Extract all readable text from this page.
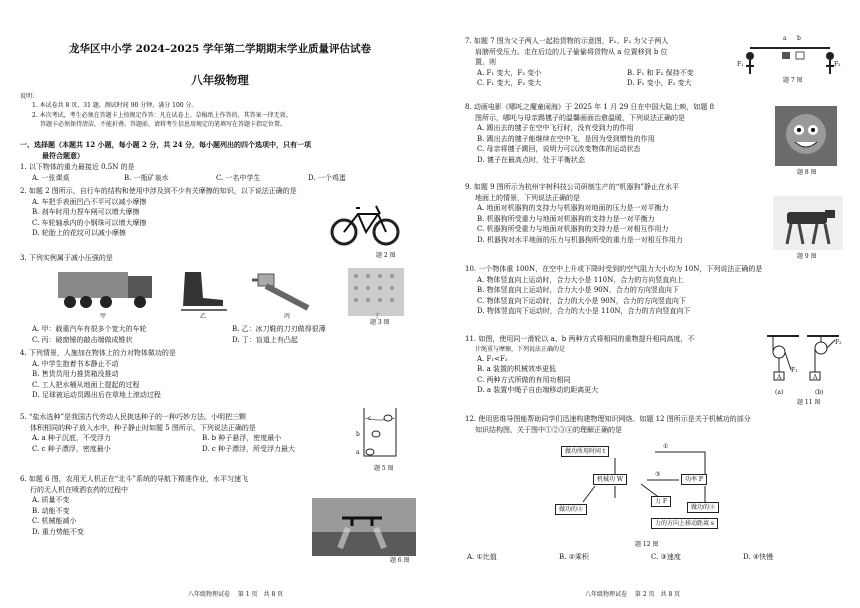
龙华区中小学 2024–2025 学年第二学期期末学业质量评估试卷
八年级物理

说明：

1. 本试卷共 8 页，31 题，测试时间 90 分钟，满分 100 分。

2. 本次考试，考生必须在答题卡上按规定作答：凡在试卷上、草稿纸上作答的，其答案一律无效。

答题卡必须保持清洁，不能折叠。答题前，请将考生信息用规定的笔填写在答题卡指定位置。

一、选择题（本题共 12 小题，每小题 2 分，共 24 分，每小题列出的四个选项中，只有一项

最符合题意）

1. 以下物体的重力最接近 0.5N 的是

A. 一张课桌	B. 一瓶矿泉水	C. 一名中学生	D. 一个鸡蛋

2. 如题 2 图所示，自行车的结构和使用中涉及到不少有关摩擦的知识，以下说法正确的是

A. 车把手表面凹凸不平可以减小摩擦

B. 刹车时用力捏车闸可以增大摩擦

C. 车轮轴承内的小钢珠可以增大摩擦

D. 轮胎上的花纹可以减小摩擦

题 2 图

3. 下列实例属于减小压强的是

甲	乙	丙	丁
题 3 图
A. 甲：载重汽车有很多个宽大的车轮	B. 乙：冰刀鞋的刀刃做得很薄
C. 丙：破窗锤的敲击端做成锥状	D. 丁：盲道上有凸起

4. 下列情景，人施加在物体上的力对物体做功的是

A. 中学生抱着书本静止不动

B. 售货员用力推货箱没推动

C. 工人把水桶从地面上提起的过程

D. 足球被运动员踢出后在草地上滚动过程

5. “盐水选种”是我国古代劳动人民挑选种子的一种巧妙方法。小明把三颗

体积相同的种子放入水中，种子静止时如题 5 图所示，下列说法正确的是

A. a 种子沉底，不受浮力	B. b 种子悬浮，密度最小
C. c 种子漂浮，密度最小	D. c 种子漂浮，所受浮力最大
c
b
a
题 5 图

6. 如题 6 图，农用无人机正在“北斗”系统的导航下精准作业，水平匀速飞

行的无人机在喷洒农药的过程中

A. 质量不变

B. 动能不变

C. 机械能减小

D. 重力势能不变

题 6 图
八年级物理试卷　 第 1 页　共 8 页

7. 如题 7 图为父子两人一起抬货物的示意图，F₁、F₂ 为父子两人

肩膀所受压力。走在后边的儿子偷偷将货物从 a 位置移到 b 位

置，则

A. F₁ 变大，F₂ 变小	B. F₁ 和 F₂ 保持不变
C. F₁ 变大，F₂ 变大	D. F₁ 变小，F₂ 变大
a b
F₁	F₂
题 7 图

8. 动画电影《哪吒之魔童闹海》于 2025 年 1 月 29 日在中国大陆上映，如题 8

图所示，哪吒与母亲踢毽子的温馨画面治愈温暖，下列说法正确的是

A. 踢出去的毽子在空中飞行时，没有受到力的作用

B. 踢出去的毽子能继续在空中飞，是因为受到惯性的作用

C. 母亲将毽子踢回，说明力可以改变物体的运动状态

D. 毽子在最高点时，处于平衡状态

题 8 图

9. 如题 9 图所示为杭州宇树科技公司研制生产的“机器狗”静止在水平

地面上的情景，下列说法正确的是

A. 地面对机器狗的支持力与机器狗对地面的压力是一对平衡力

B. 机器狗所受重力与地面对机器狗的支持力是一对平衡力

C. 机器狗所受重力与地面对机器狗的支持力是一对相互作用力

D. 机器狗对水平地面的压力与机器狗所受的重力是一对相互作用力

题 9 图

10. 一个物体重 100N，在空中上升或下降时受到的空气阻力大小均为 10N，下列说法正确的是

A. 物体竖直向上运动时，合力大小是 110N，合力的方向竖直向上

B. 物体竖直向上运动时，合力大小是 90N，合力的方向竖直向下

C. 物体竖直向下运动时，合力的大小是 90N，合力的方向竖直向下

D. 物体竖直向下运动时，合力的大小是 110N，合力的方向竖直向下

11. 如图，使用同一滑轮以 a、b 两种方式将相同的重物提升相同高度，不

计绳重与摩擦，下列说法正确的是

A. F₁<F₂

B. a 装置的机械效率更低

C. 两种方式所做的有用功相同

D. a 装置中绳子自由端移动的距离更大

F₁
F₂
A	A
(a)	(b)
题 11 图

12. 使用思维导图能帮助同学们迅速构建物理知识网络。如题 12 图所示是关于机械功的部分

知识结构图，关于图中①②③④的理解正确的是

做功所用时间 t
①
机械功 W
③
功率 P
做功的②
力 F
做功的④
力的方向上移动距离 s
题 12 图
A. ①比值	B. ②乘积	C. ③速度	D. ④快慢
八年级物理试卷　 第 2 页　共 8 页
